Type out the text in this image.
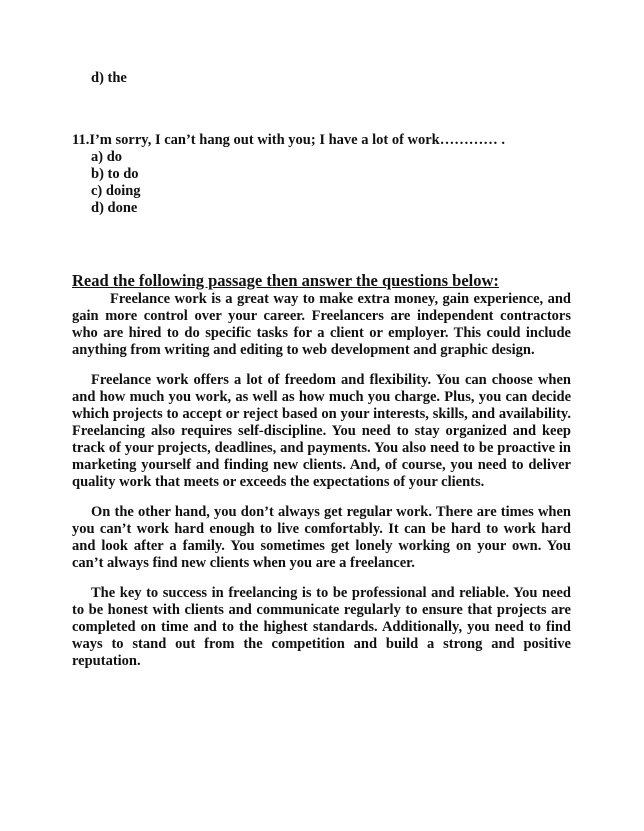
d) the
11.I’m sorry, I can’t hang out with you; I have a lot of work………… .
a) do
b) to do
c) doing
d) done
Read the following passage then answer the questions below:

Freelance work is a great way to make extra money, gain experience, and gain more control over your career. Freelancers are independent contractors who are hired to do specific tasks for a client or employer. This could include anything from writing and editing to web development and graphic design.

Freelance work offers a lot of freedom and flexibility. You can choose when and how much you work, as well as how much you charge. Plus, you can decide which projects to accept or reject based on your interests, skills, and availability. Freelancing also requires self-discipline. You need to stay organized and keep track of your projects, deadlines, and payments. You also need to be proactive in marketing yourself and finding new clients. And, of course, you need to deliver quality work that meets or exceeds the expectations of your clients.

On the other hand, you don’t always get regular work. There are times when you can’t work hard enough to live comfortably. It can be hard to work hard and look after a family. You sometimes get lonely working on your own. You can’t always find new clients when you are a freelancer.

The key to success in freelancing is to be professional and reliable. You need to be honest with clients and communicate regularly to ensure that projects are completed on time and to the highest standards. Additionally, you need to find ways to stand out from the competition and build a strong and positive reputation.
